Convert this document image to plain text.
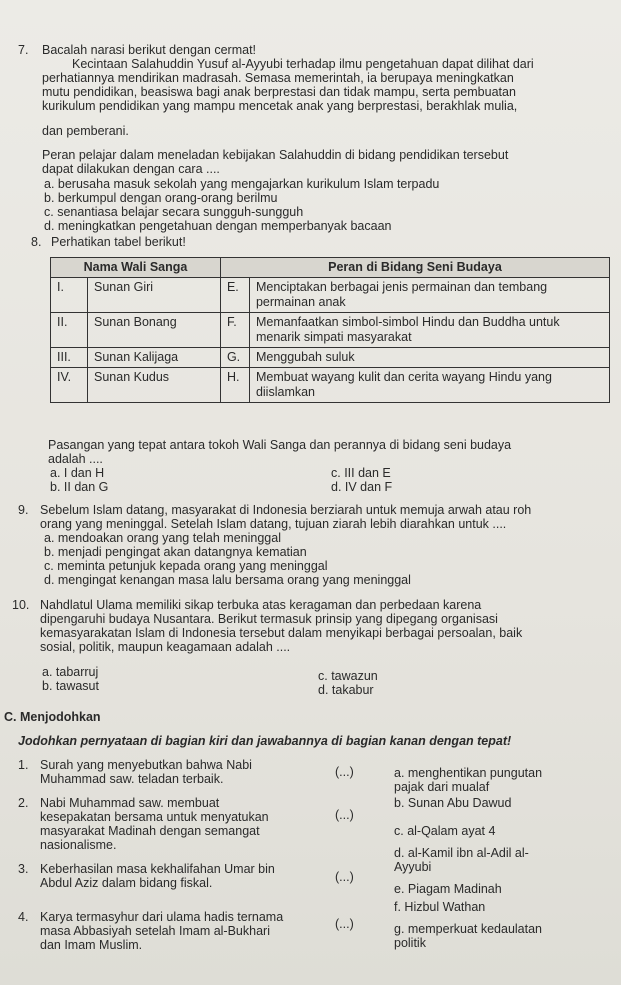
7. Bacalah narasi berikut dengan cermat!
Kecintaan Salahuddin Yusuf al-Ayyubi terhadap ilmu pengetahuan dapat dilihat dari
perhatiannya mendirikan madrasah. Semasa memerintah, ia berupaya meningkatkan
mutu pendidikan, beasiswa bagi anak berprestasi dan tidak mampu, serta pembuatan
kurikulum pendidikan yang mampu mencetak anak yang berprestasi, berakhlak mulia,
dan pemberani.
Peran pelajar dalam meneladan kebijakan Salahuddin di bidang pendidikan tersebut
dapat dilakukan dengan cara ....
a. berusaha masuk sekolah yang mengajarkan kurikulum Islam terpadu
b. berkumpul dengan orang-orang berilmu
c. senantiasa belajar secara sungguh-sungguh
d. meningkatkan pengetahuan dengan memperbanyak bacaan
8. Perhatikan tabel berikut!
Nama Wali Sanga		Peran di Bidang Seni Budaya	
I.	Sunan Giri	E.	Menciptakan berbagai jenis permainan dan tembang permainan anak
II.	Sunan Bonang	F.	Memanfaatkan simbol-simbol Hindu dan Buddha untuk menarik simpati masyarakat
III.	Sunan Kalijaga	G.	Menggubah suluk
IV.	Sunan Kudus	H.	Membuat wayang kulit dan cerita wayang Hindu yang diislamkan
Pasangan yang tepat antara tokoh Wali Sanga dan perannya di bidang seni budaya
adalah ....
a. I dan H
b. II dan G
c. III dan E
d. IV dan F
9. Sebelum Islam datang, masyarakat di Indonesia berziarah untuk memuja arwah atau roh
orang yang meninggal. Setelah Islam datang, tujuan ziarah lebih diarahkan untuk ....
a. mendoakan orang yang telah meninggal
b. menjadi pengingat akan datangnya kematian
c. meminta petunjuk kepada orang yang meninggal
d. mengingat kenangan masa lalu bersama orang yang meninggal
10. Nahdlatul Ulama memiliki sikap terbuka atas keragaman dan perbedaan karena
dipengaruhi budaya Nusantara. Berikut termasuk prinsip yang dipegang organisasi
kemasyarakatan Islam di Indonesia tersebut dalam menyikapi berbagai persoalan, baik
sosial, politik, maupun keagamaan adalah ....
a. tabarruj
b. tawasut
c. tawazun
d. takabur
C. Menjodohkan
Jodohkan pernyataan di bagian kiri dan jawabannya di bagian kanan dengan tepat!
1. Surah yang menyebutkan bahwa Nabi
Muhammad saw. teladan terbaik.	(...)
2. Nabi Muhammad saw. membuat
kesepakatan bersama untuk menyatukan
masyarakat Madinah dengan semangat
nasionalisme.
(...)
3. Keberhasilan masa kekhalifahan Umar bin
Abdul Aziz dalam bidang fiskal.	(...)
4. Karya termasyhur dari ulama hadis ternama
masa Abbasiyah setelah Imam al-Bukhari
dan Imam Muslim.
(...)
a. menghentikan pungutan
pajak dari mualaf
b. Sunan Abu Dawud
c. al-Qalam ayat 4
d. al-Kamil ibn al-Adil al-
Ayyubi
e. Piagam Madinah
f. Hizbul Wathan
g. memperkuat kedaulatan
politik
